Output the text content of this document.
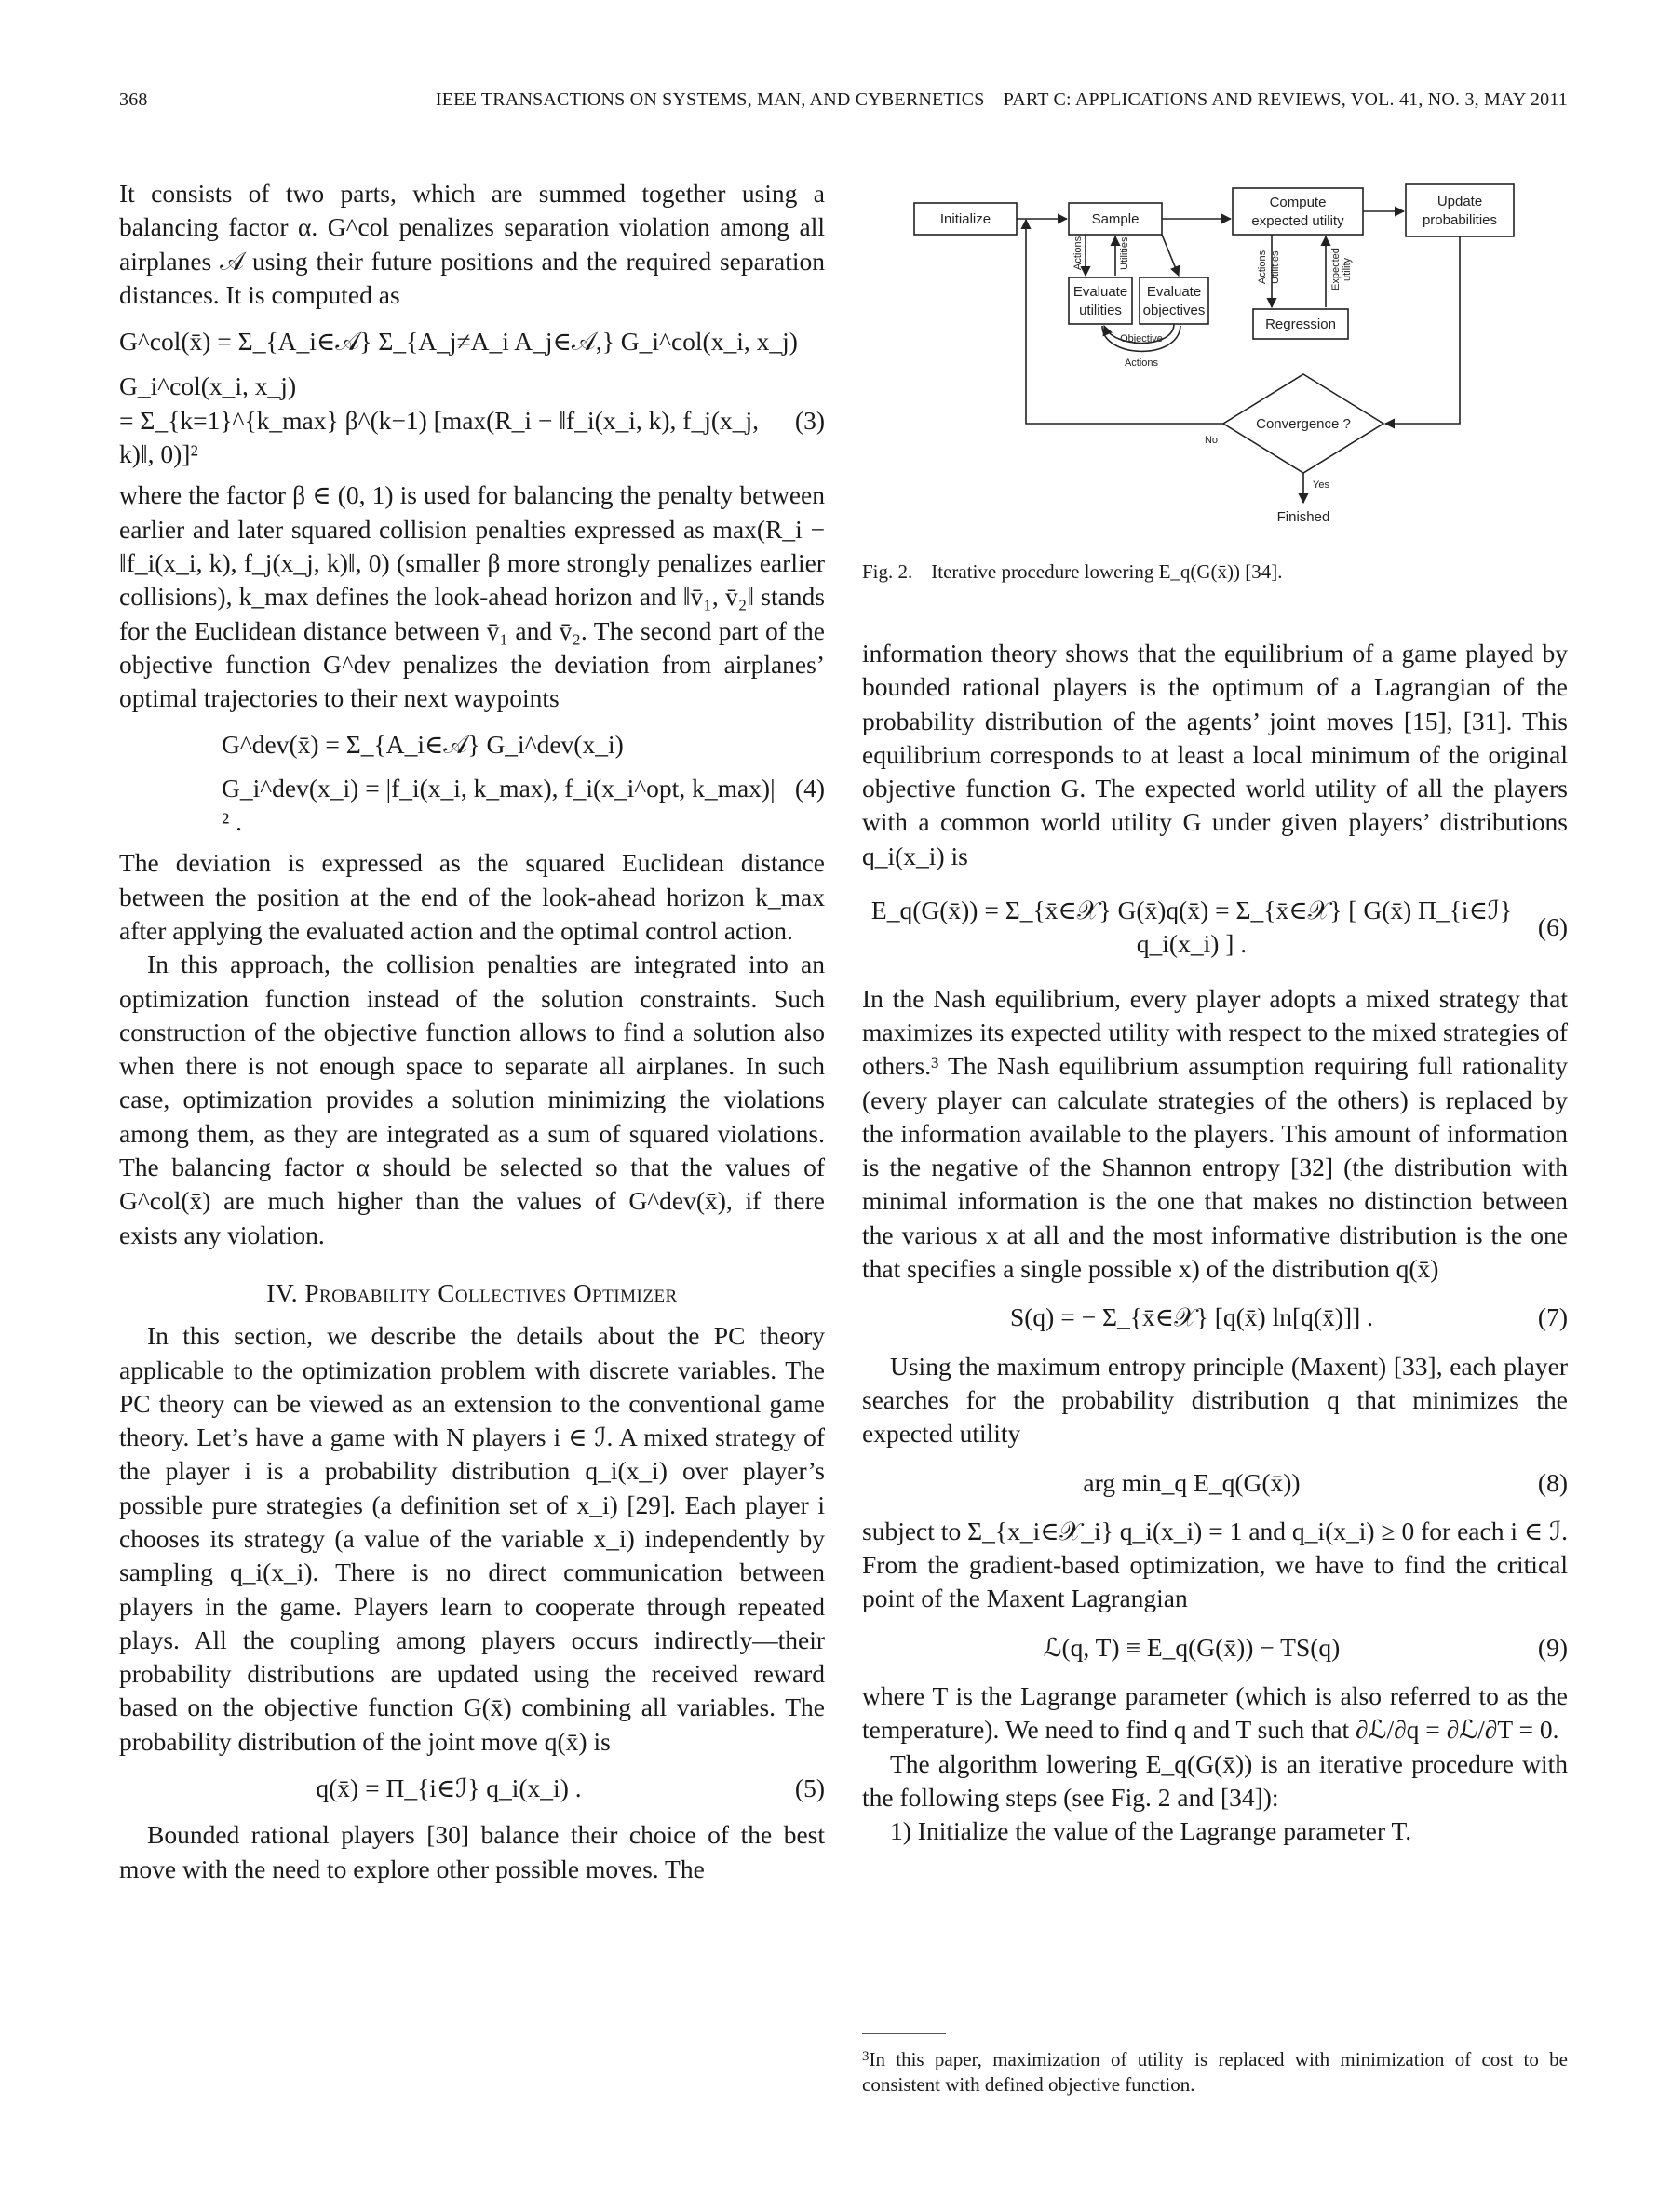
368	IEEE TRANSACTIONS ON SYSTEMS, MAN, AND CYBERNETICS—PART C: APPLICATIONS AND REVIEWS, VOL. 41, NO. 3, MAY 2011

It consists of two parts, which are summed together using a balancing factor α. G^col penalizes separation violation among all airplanes 𝒜 using their future positions and the required separation distances. It is computed as

G^col(x̄) = Σ_{A_i∈𝒜} Σ_{A_j≠A_i A_j∈𝒜,} G_i^col(x_i, x_j)
G_i^col(x_i, x_j)
= Σ_{k=1}^{k_max} β^(k−1) [max(R_i − ‖f_i(x_i, k), f_j(x_j, k)‖, 0)]²
(3)

where the factor β ∈ (0, 1) is used for balancing the penalty between earlier and later squared collision penalties expressed as max(R_i − ‖f_i(x_i, k), f_j(x_j, k)‖, 0) (smaller β more strongly penalizes earlier collisions), k_max defines the look-ahead horizon and ‖v̄₁, v̄₂‖ stands for the Euclidean distance between v̄₁ and v̄₂. The second part of the objective function G^dev penalizes the deviation from airplanes’ optimal trajectories to their next waypoints

G^dev(x̄) = Σ_{A_i∈𝒜} G_i^dev(x_i)
G_i^dev(x_i) = |f_i(x_i, k_max), f_i(x_i^opt, k_max)|² .
(4)

The deviation is expressed as the squared Euclidean distance between the position at the end of the look-ahead horizon k_max after applying the evaluated action and the optimal control action.

In this approach, the collision penalties are integrated into an optimization function instead of the solution constraints. Such construction of the objective function allows to find a solution also when there is not enough space to separate all airplanes. In such case, optimization provides a solution minimizing the violations among them, as they are integrated as a sum of squared violations. The balancing factor α should be selected so that the values of G^col(x̄) are much higher than the values of G^dev(x̄), if there exists any violation.

IV. Probability Collectives Optimizer

In this section, we describe the details about the PC theory applicable to the optimization problem with discrete variables. The PC theory can be viewed as an extension to the conventional game theory. Let’s have a game with N players i ∈ ℐ. A mixed strategy of the player i is a probability distribution q_i(x_i) over player’s possible pure strategies (a definition set of x_i) [29]. Each player i chooses its strategy (a value of the variable x_i) independently by sampling q_i(x_i). There is no direct communication between players in the game. Players learn to cooperate through repeated plays. All the coupling among players occurs indirectly—their probability distributions are updated using the received reward based on the objective function G(x̄) combining all variables. The probability distribution of the joint move q(x̄) is

q(x̄) = Π_{i∈ℐ} q_i(x_i) .	(5)

Bounded rational players [30] balance their choice of the best move with the need to explore other possible moves. The

Initialize	Sample
Compute
expected utility
Update
probabilities
Evaluate
utilities
Evaluate
objectives
Regression
Convergence ?
Finished
Actions	Utilities	Actions Utilities	Expected utility
Objective
Actions
No
Yes
Fig. 2. Iterative procedure lowering E_q(G(x̄)) [34].

information theory shows that the equilibrium of a game played by bounded rational players is the optimum of a Lagrangian of the probability distribution of the agents’ joint moves [15], [31]. This equilibrium corresponds to at least a local minimum of the original objective function G. The expected world utility of all the players with a common world utility G under given players’ distributions q_i(x_i) is

E_q(G(x̄)) = Σ_{x̄∈𝒳} G(x̄)q(x̄) = Σ_{x̄∈𝒳} [ G(x̄) Π_{i∈ℐ} q_i(x_i) ] .
(6)

In the Nash equilibrium, every player adopts a mixed strategy that maximizes its expected utility with respect to the mixed strategies of others.³ The Nash equilibrium assumption requiring full rationality (every player can calculate strategies of the others) is replaced by the information available to the players. This amount of information is the negative of the Shannon entropy [32] (the distribution with minimal information is the one that makes no distinction between the various x at all and the most informative distribution is the one that specifies a single possible x) of the distribution q(x̄)

S(q) = − Σ_{x̄∈𝒳} [q(x̄) ln[q(x̄)]] .	(7)

Using the maximum entropy principle (Maxent) [33], each player searches for the probability distribution q that minimizes the expected utility

arg min_q E_q(G(x̄))	(8)

subject to Σ_{x_i∈𝒳_i} q_i(x_i) = 1 and q_i(x_i) ≥ 0 for each i ∈ ℐ. From the gradient-based optimization, we have to find the critical point of the Maxent Lagrangian

ℒ(q, T) ≡ E_q(G(x̄)) − TS(q)	(9)

where T is the Lagrange parameter (which is also referred to as the temperature). We need to find q and T such that ∂ℒ/∂q = ∂ℒ/∂T = 0.

The algorithm lowering E_q(G(x̄)) is an iterative procedure with the following steps (see Fig. 2 and [34]):

1) Initialize the value of the Lagrange parameter T.

$^3$In this paper, maximization of utility is replaced with minimization of cost to be consistent with defined objective function.
